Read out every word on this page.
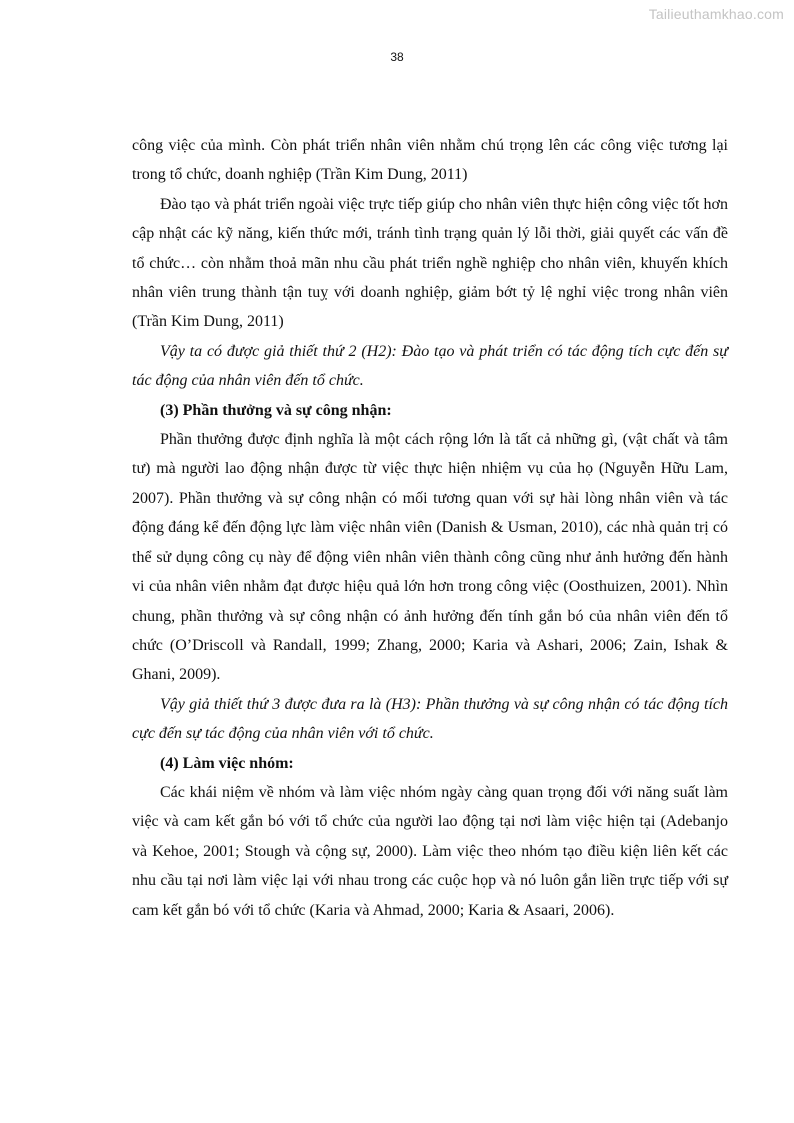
Tailieuthamkhao.com
38

công việc của mình. Còn phát triển nhân viên nhằm chú trọng lên các công việc tương lại trong tổ chức, doanh nghiệp (Trần Kim Dung, 2011)

Đào tạo và phát triển ngoài việc trực tiếp giúp cho nhân viên thực hiện công việc tốt hơn cập nhật các kỹ năng, kiến thức mới, tránh tình trạng quản lý lỗi thời, giải quyết các vấn đề tổ chức… còn nhằm thoả mãn nhu cầu phát triển nghề nghiệp cho nhân viên, khuyến khích nhân viên trung thành tận tuỵ với doanh nghiệp, giảm bớt tỷ lệ nghỉ việc trong nhân viên (Trần Kim Dung, 2011)

Vậy ta có được giả thiết thứ 2 (H2): Đào tạo và phát triển có tác động tích cực đến sự tác động của nhân viên đến tổ chức.

(3) Phần thưởng và sự công nhận:

Phần thưởng được định nghĩa là một cách rộng lớn là tất cả những gì, (vật chất và tâm tư) mà người lao động nhận được từ việc thực hiện nhiệm vụ của họ (Nguyễn Hữu Lam, 2007). Phần thưởng và sự công nhận có mối tương quan với sự hài lòng nhân viên và tác động đáng kể đến động lực làm việc nhân viên (Danish & Usman, 2010), các nhà quản trị có thể sử dụng công cụ này để động viên nhân viên thành công cũng như ảnh hưởng đến hành vi của nhân viên nhằm đạt được hiệu quả lớn hơn trong công việc (Oosthuizen, 2001). Nhìn chung, phần thưởng và sự công nhận có ảnh hưởng đến tính gắn bó của nhân viên đến tổ chức (O’Driscoll và Randall, 1999; Zhang, 2000; Karia và Ashari, 2006; Zain, Ishak & Ghani, 2009).

Vậy giả thiết thứ 3 được đưa ra là (H3): Phần thưởng và sự công nhận có tác động tích cực đến sự tác động của nhân viên với tổ chức.

(4) Làm việc nhóm:

Các khái niệm về nhóm và làm việc nhóm ngày càng quan trọng đối với năng suất làm việc và cam kết gắn bó với tổ chức của người lao động tại nơi làm việc hiện tại (Adebanjo và Kehoe, 2001; Stough và cộng sự, 2000). Làm việc theo nhóm tạo điều kiện liên kết các nhu cầu tại nơi làm việc lại với nhau trong các cuộc họp và nó luôn gắn liền trực tiếp với sự cam kết gắn bó với tổ chức (Karia và Ahmad, 2000; Karia & Asaari, 2006).
